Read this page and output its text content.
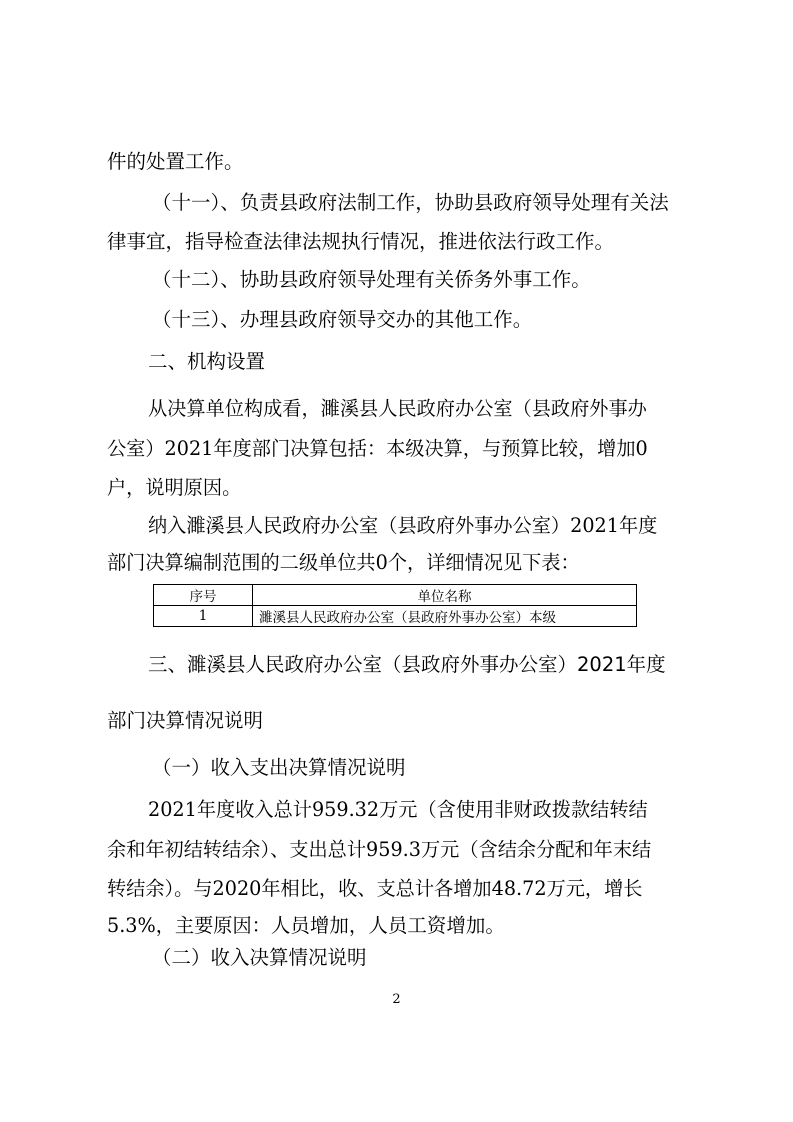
件的处置工作。
（十一）、负责县政府法制工作，协助县政府领导处理有关法
律事宜，指导检查法律法规执行情况，推进依法行政工作。
（十二）、协助县政府领导处理有关侨务外事工作。
（十三）、办理县政府领导交办的其他工作。
二、机构设置
从决算单位构成看，濉溪县人民政府办公室（县政府外事办
公室）2021年度部门决算包括：本级决算，与预算比较，增加0
户，说明原因。
纳入濉溪县人民政府办公室（县政府外事办公室）2021年度
部门决算编制范围的二级单位共0个，详细情况见下表：
序号	单位名称
1	濉溪县人民政府办公室（县政府外事办公室）本级
三、濉溪县人民政府办公室（县政府外事办公室）2021年度
部门决算情况说明
（一）收入支出决算情况说明
2021年度收入总计959.32万元（含使用非财政拨款结转结
余和年初结转结余）、支出总计959.3万元（含结余分配和年末结
转结余）。与2020年相比，收、支总计各增加48.72万元，增长
5.3%，主要原因：人员增加，人员工资增加。
（二）收入决算情况说明
2
